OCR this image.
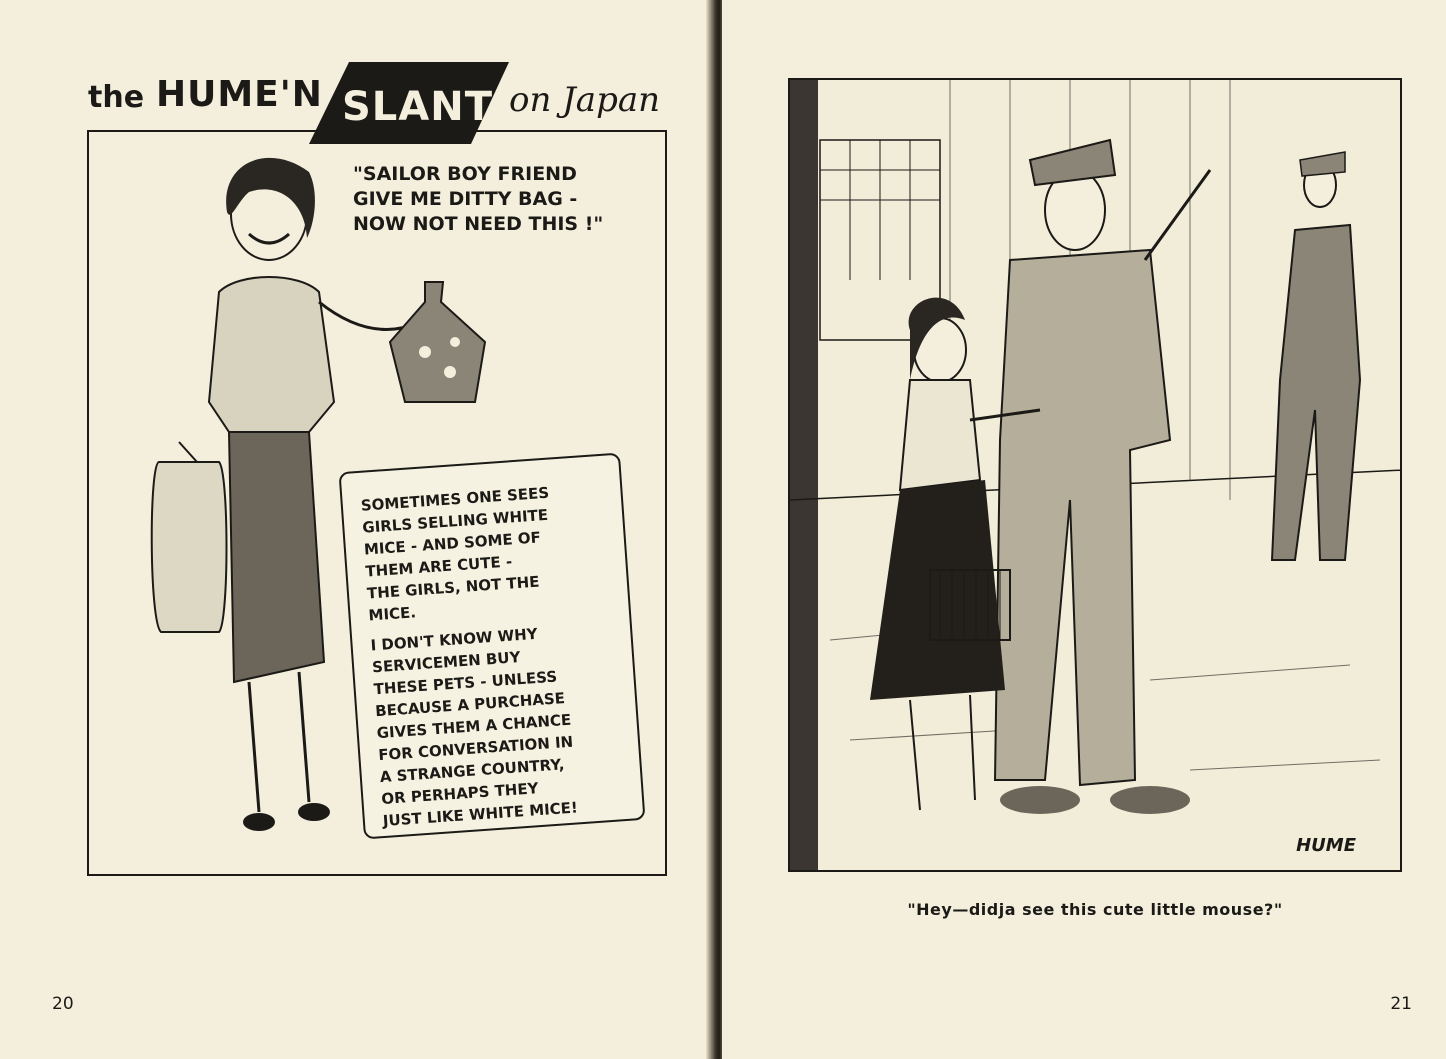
the HUME'N SLANT on Japan
"SAILOR BOY FRIEND
GIVE ME DITTY BAG -
NOW NOT NEED THIS !"

SOMETIMES ONE SEES
GIRLS SELLING WHITE
MICE - AND SOME OF
THEM ARE CUTE -
THE GIRLS, NOT THE
MICE.

I DON'T KNOW WHY
SERVICEMEN BUY
THESE PETS - UNLESS
BECAUSE A PURCHASE
GIVES THEM A CHANCE
FOR CONVERSATION IN
A STRANGE COUNTRY,
OR PERHAPS THEY
JUST LIKE WHITE MICE!

20
HUME
"Hey—didja see this cute little mouse?"
21
